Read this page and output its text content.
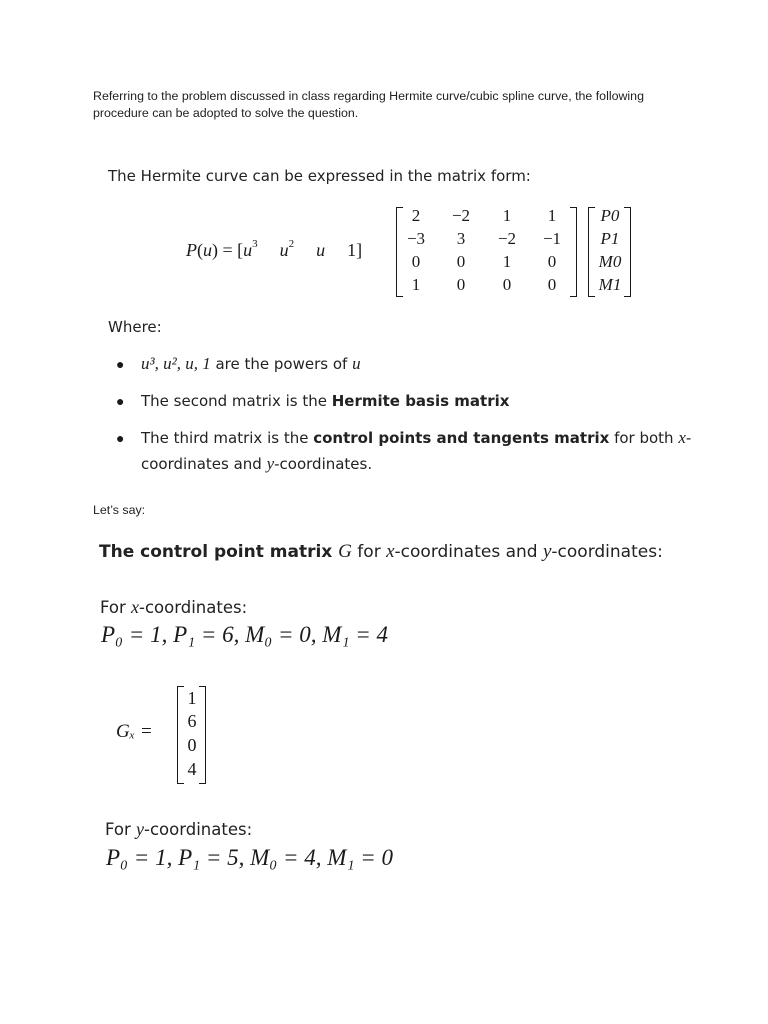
Referring to the problem discussed in class regarding Hermite curve/cubic spline curve, the following procedure can be adopted to solve the question.
The Hermite curve can be expressed in the matrix form:
$P(u) = [u^3$ $u^2$ u 1]
2	−2	1	1
−3	3	−2	−1
0	0	1	0
1	0	0	0
P0
P1
M0
M1
Where:
● u³, u², u, 1 are the powers of u
● The second matrix is the Hermite basis matrix
● The third matrix is the control points and tangents matrix for both x-coordinates and y-coordinates.
Let’s say:
The control point matrix G for x-coordinates and y-coordinates:
For x-coordinates:
P₀ = 1, P₁ = 6, M₀ = 0, M₁ = 4
Gₓ =
1
6
0
4
For y-coordinates:
P₀ = 1, P₁ = 5, M₀ = 4, M₁ = 0
